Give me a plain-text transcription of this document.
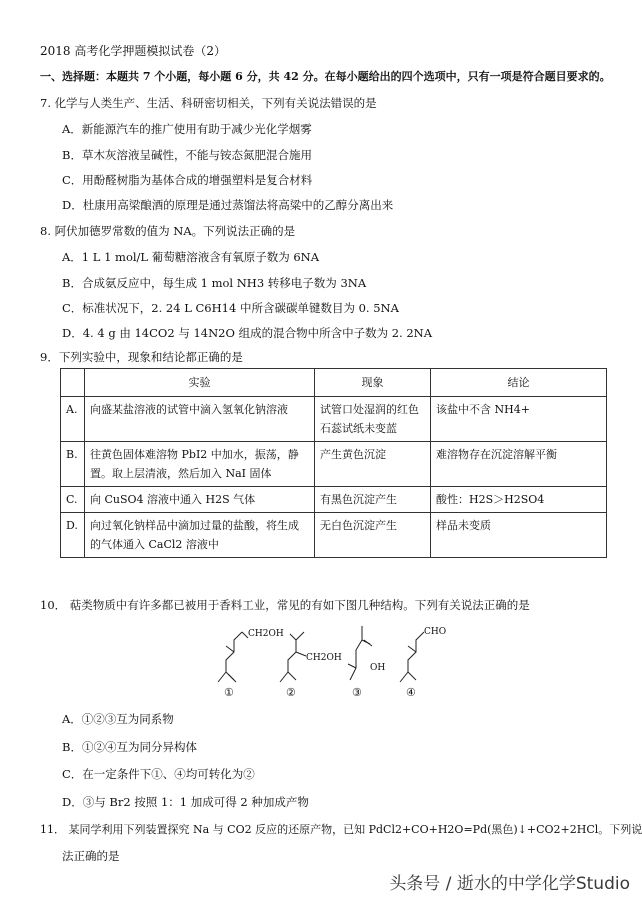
2018 高考化学押题模拟试卷（2）
一、选择题：本题共 7 个小题，每小题 6 分，共 42 分。在每小题给出的四个选项中，只有一项是符合题目要求的。
7. 化学与人类生产、生活、科研密切相关，下列有关说法错误的是
A．新能源汽车的推广使用有助于减少光化学烟雾
B．草木灰溶液呈碱性，不能与铵态氮肥混合施用
C．用酚醛树脂为基体合成的增强塑料是复合材料
D．杜康用高梁酿酒的原理是通过蒸馏法将高粱中的乙醇分离出来
8. 阿伏加德罗常数的值为 NA。下列说法正确的是
A．1 L 1 mol/L 葡萄糖溶液含有氧原子数为 6NA
B．合成氨反应中，每生成 1 mol NH3 转移电子数为 3NA
C．标准状况下，2. 24 L C6H14 中所含碳碳单键数目为 0. 5NA
D．4. 4 g 由 14CO2 与 14N2O 组成的混合物中所含中子数为 2. 2NA
9．下列实验中，现象和结论都正确的是
	实验	现象	结论
A.	向盛某盐溶液的试管中滴入氢氧化钠溶液	试管口处湿润的红色石蕊试纸未变蓝	该盐中不含 NH4+
B.	往黄色固体难溶物 PbI2 中加水，振荡，静置。取上层清液，然后加入 NaI 固体	产生黄色沉淀	难溶物存在沉淀溶解平衡
C.	向 CuSO4 溶液中通入 H2S 气体	有黑色沉淀产生	酸性：H2S＞H2SO4
D.	向过氧化钠样品中滴加过量的盐酸，将生成的气体通入 CaCl2 溶液中	无白色沉淀产生	样品未变质
10． 萜类物质中有许多都已被用于香料工业，常见的有如下图几种结构。下列有关说法正确的是
CH2OH
CH2OH
OH
CHO
①	②	③	④
A．①②③互为同系物
B．①②④互为同分异构体
C．在一定条件下①、④均可转化为②
D．③与 Br2 按照 1：1 加成可得 2 种加成产物
11． 某同学利用下列装置探究 Na 与 CO2 反应的还原产物，已知 PdCl2+CO+H2O=Pd(黑色)↓+CO2+2HCl。下列说
法正确的是
头条号 / 逝水的中学化学Studio
